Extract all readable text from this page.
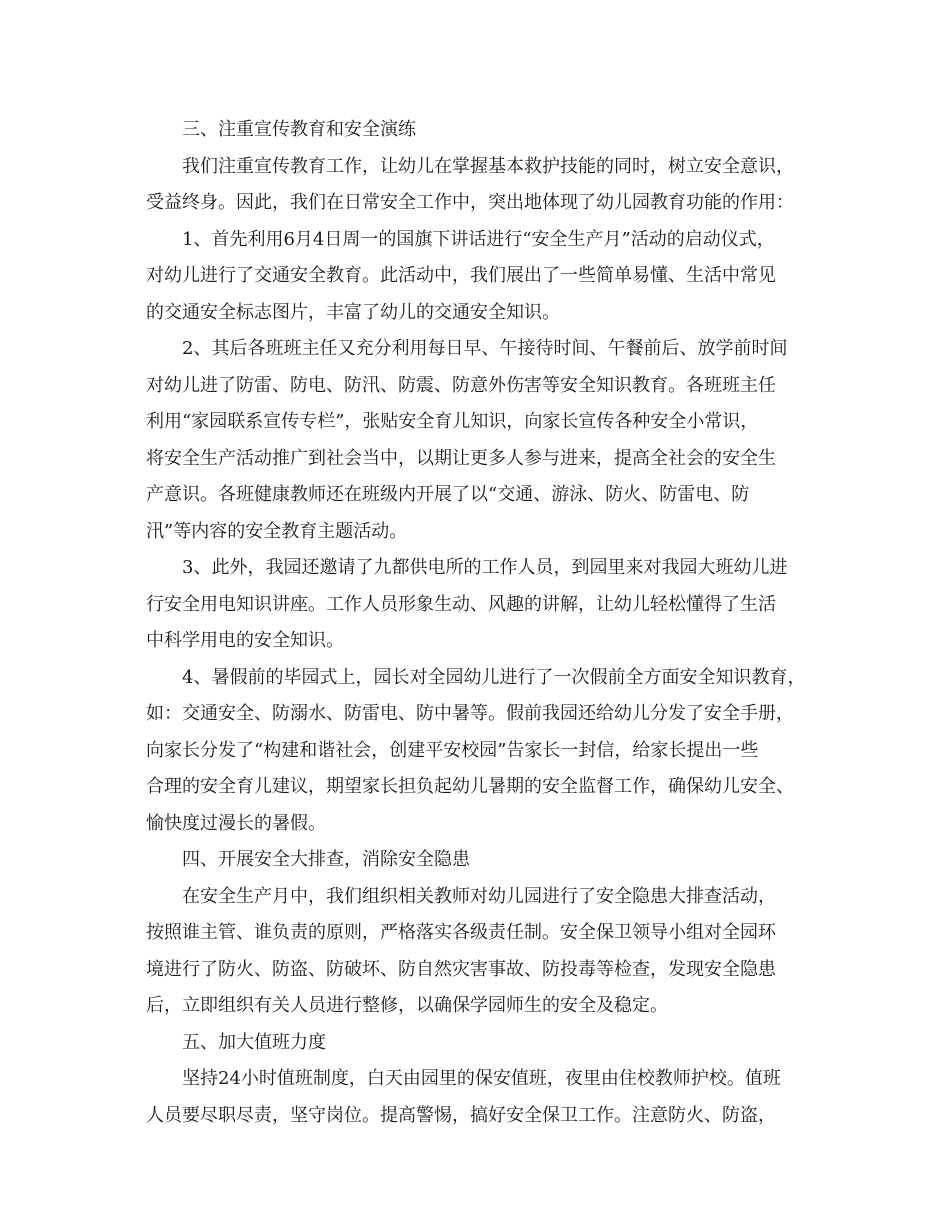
三、注重宣传教育和安全演练
我们注重宣传教育工作，让幼儿在掌握基本救护技能的同时，树立安全意识，
受益终身。因此，我们在日常安全工作中，突出地体现了幼儿园教育功能的作用：
1、首先利用6月4日周一的国旗下讲话进行“安全生产月”活动的启动仪式，
对幼儿进行了交通安全教育。此活动中，我们展出了一些简单易懂、生活中常见
的交通安全标志图片，丰富了幼儿的交通安全知识。
2、其后各班班主任又充分利用每日早、午接待时间、午餐前后、放学前时间
对幼儿进了防雷、防电、防汛、防震、防意外伤害等安全知识教育。各班班主任
利用“家园联系宣传专栏”，张贴安全育儿知识，向家长宣传各种安全小常识，
将安全生产活动推广到社会当中，以期让更多人参与进来，提高全社会的安全生
产意识。各班健康教师还在班级内开展了以“交通、游泳、防火、防雷电、防
汛”等内容的安全教育主题活动。
3、此外，我园还邀请了九都供电所的工作人员，到园里来对我园大班幼儿进
行安全用电知识讲座。工作人员形象生动、风趣的讲解，让幼儿轻松懂得了生活
中科学用电的安全知识。
4、暑假前的毕园式上，园长对全园幼儿进行了一次假前全方面安全知识教育，
如：交通安全、防溺水、防雷电、防中暑等。假前我园还给幼儿分发了安全手册，
向家长分发了“构建和谐社会，创建平安校园”告家长一封信，给家长提出一些
合理的安全育儿建议，期望家长担负起幼儿暑期的安全监督工作，确保幼儿安全、
愉快度过漫长的暑假。
四、开展安全大排查，消除安全隐患
在安全生产月中，我们组织相关教师对幼儿园进行了安全隐患大排查活动，
按照谁主管、谁负责的原则，严格落实各级责任制。安全保卫领导小组对全园环
境进行了防火、防盗、防破坏、防自然灾害事故、防投毒等检查，发现安全隐患
后，立即组织有关人员进行整修，以确保学园师生的安全及稳定。
五、加大值班力度
坚持24小时值班制度，白天由园里的保安值班，夜里由住校教师护校。值班
人员要尽职尽责，坚守岗位。提高警惕，搞好安全保卫工作。注意防火、防盗，
